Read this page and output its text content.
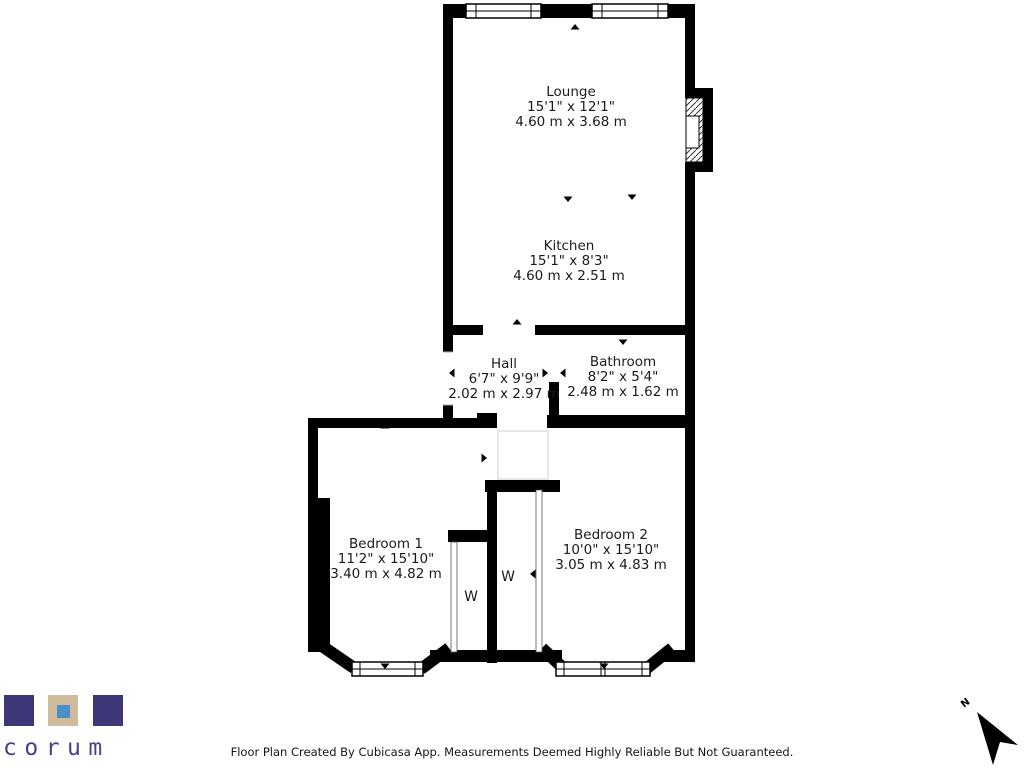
N
Lounge
15'1" x 12'1"
4.60 m x 3.68 m
Kitchen
15'1" x 8'3"
4.60 m x 2.51 m
Hall
6'7" x 9'9"
2.02 m x 2.97 m
Bathroom
8'2" x 5'4"
2.48 m x 1.62 m
Bedroom 1
11'2" x 15'10"
3.40 m x 4.82 m
Bedroom 2
10'0" x 15'10"
3.05 m x 4.83 m
W
W
corum	Floor Plan Created By Cubicasa App. Measurements Deemed Highly Reliable But Not Guaranteed.
